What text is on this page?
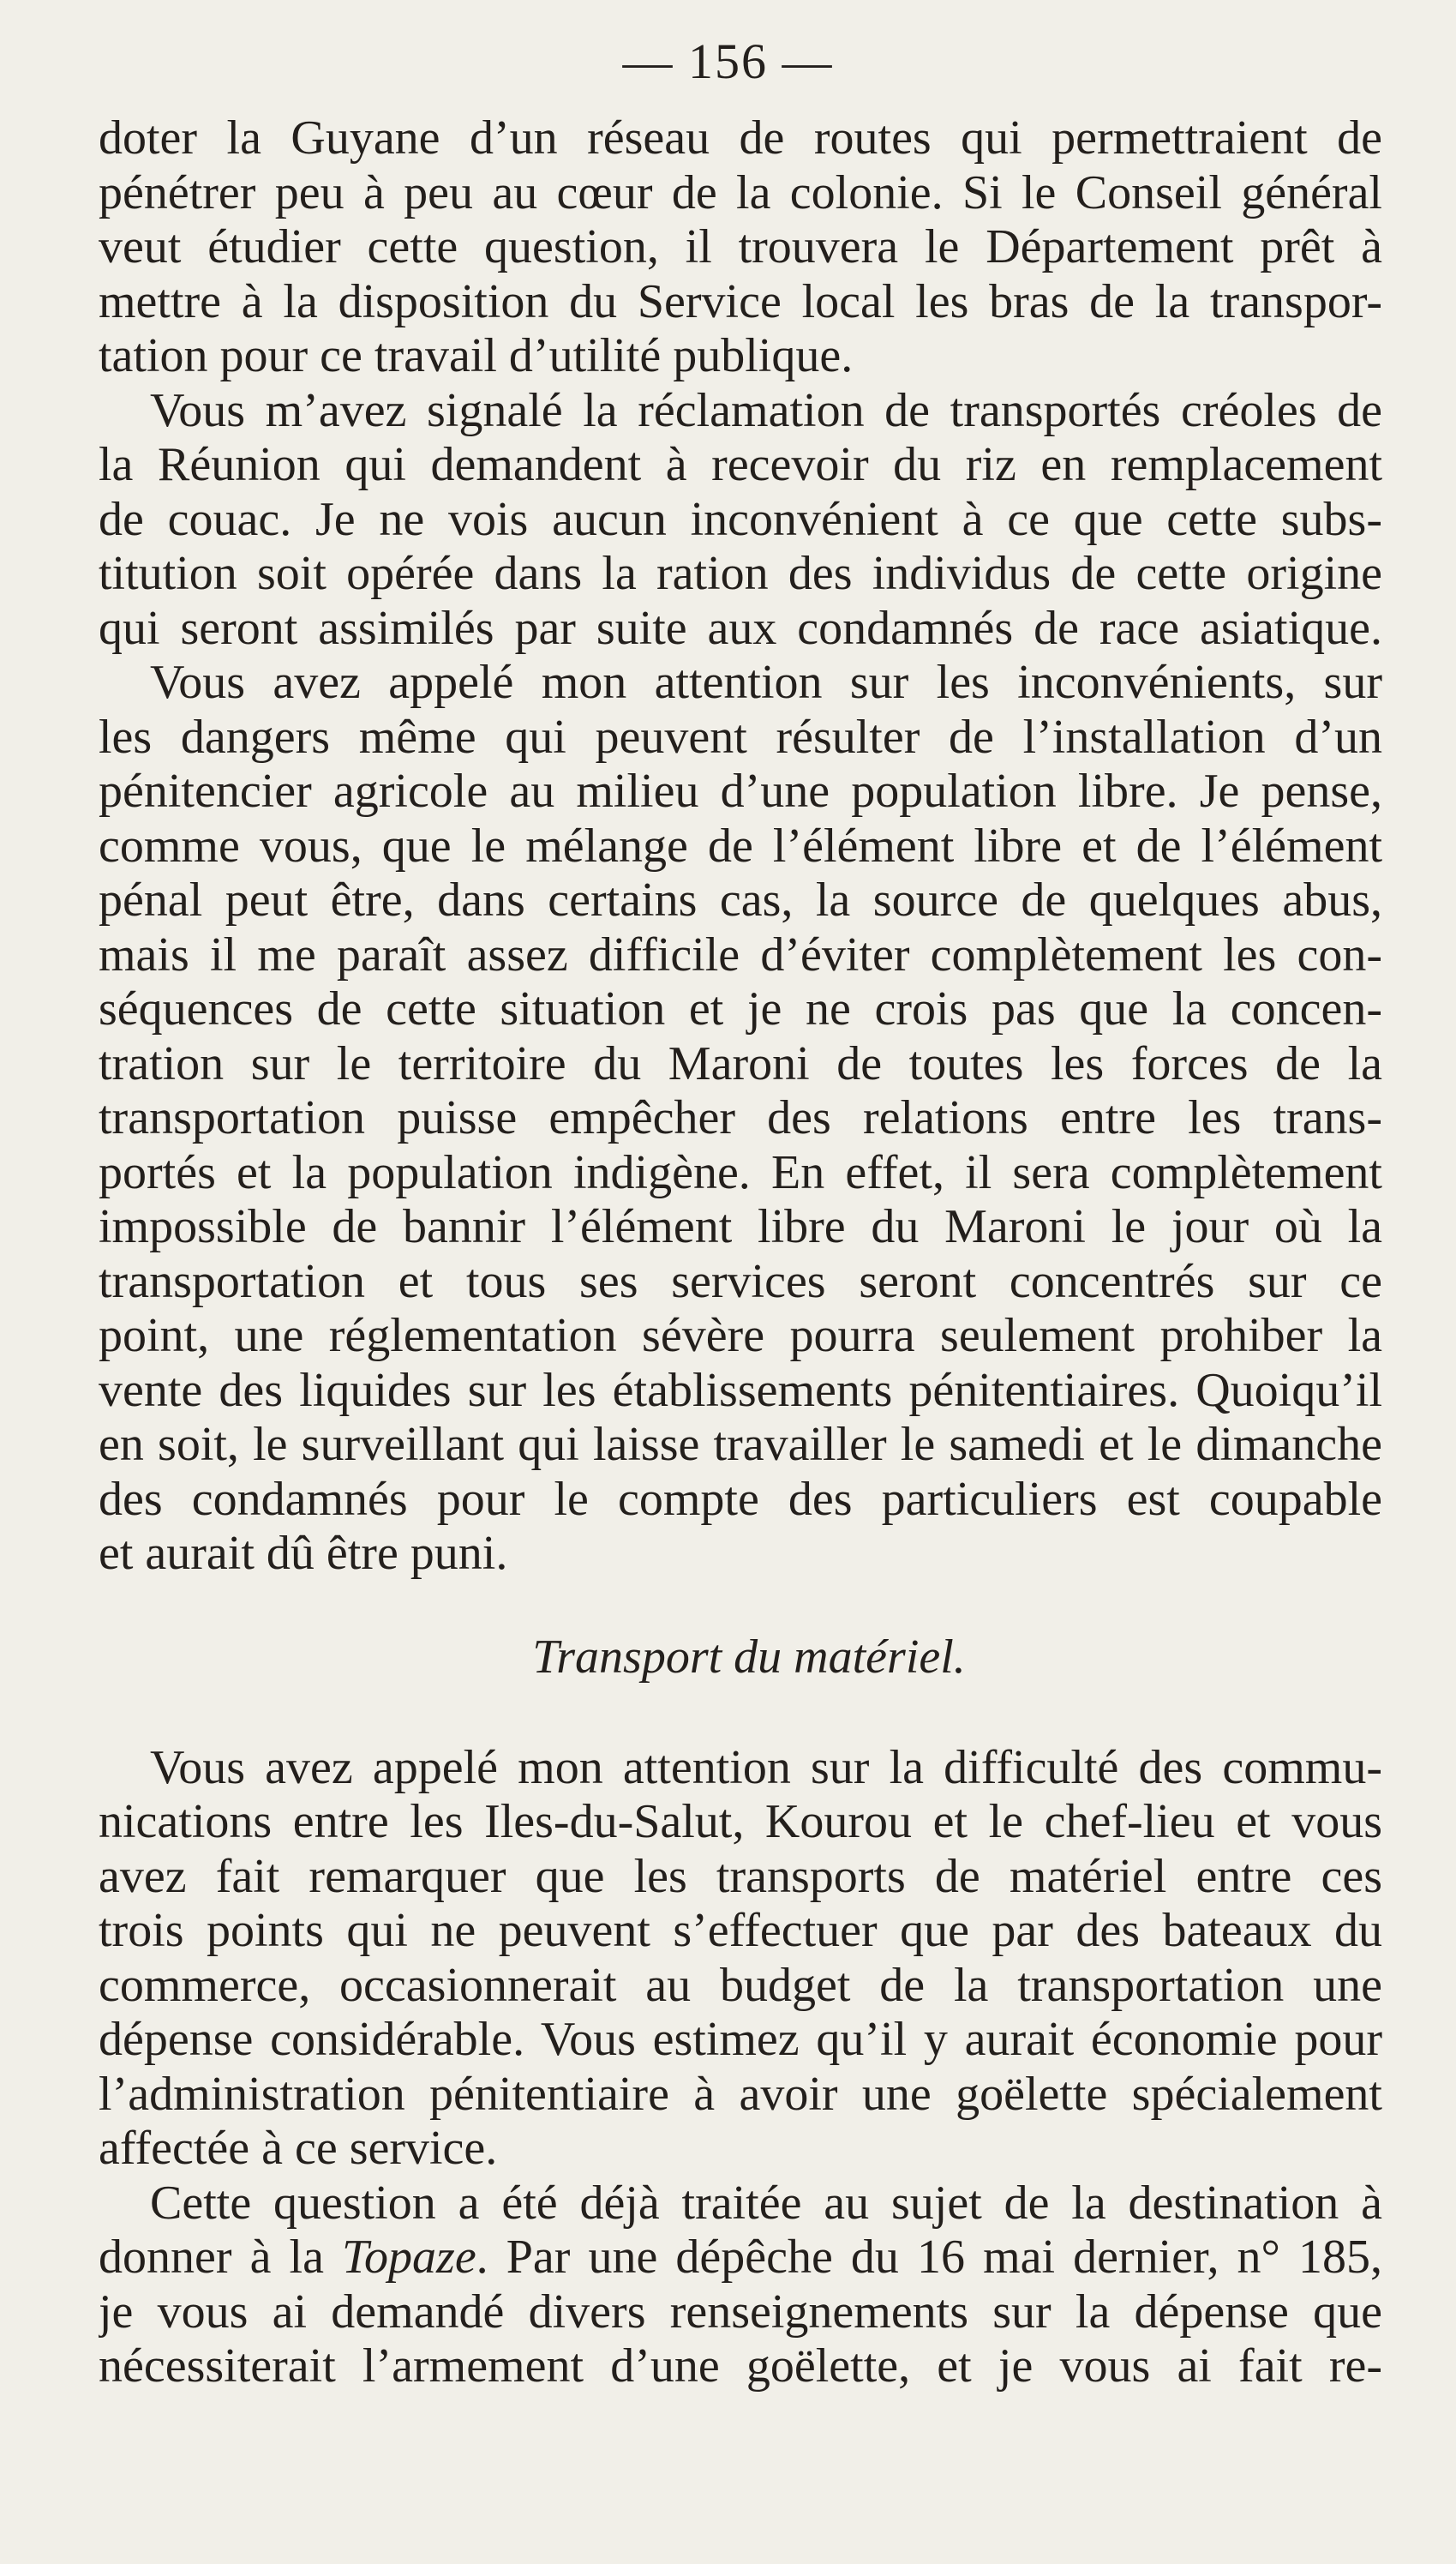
— 156 —
doter la Guyane d’un réseau de routes qui permettraient de
pénétrer peu à peu au cœur de la colonie. Si le Conseil général
veut étudier cette question, il trouvera le Département prêt à
mettre à la disposition du Service local les bras de la transpor-
tation pour ce travail d’utilité publique.
Vous m’avez signalé la réclamation de transportés créoles de
la Réunion qui demandent à recevoir du riz en remplacement
de couac. Je ne vois aucun inconvénient à ce que cette subs-
titution soit opérée dans la ration des individus de cette origine
qui seront assimilés par suite aux condamnés de race asiatique.
Vous avez appelé mon attention sur les inconvénients, sur
les dangers même qui peuvent résulter de l’installation d’un
pénitencier agricole au milieu d’une population libre. Je pense,
comme vous, que le mélange de l’élément libre et de l’élément
pénal peut être, dans certains cas, la source de quelques abus,
mais il me paraît assez difficile d’éviter complètement les con-
séquences de cette situation et je ne crois pas que la concen-
tration sur le territoire du Maroni de toutes les forces de la
transportation puisse empêcher des relations entre les trans-
portés et la population indigène. En effet, il sera complètement
impossible de bannir l’élément libre du Maroni le jour où la
transportation et tous ses services seront concentrés sur ce
point, une réglementation sévère pourra seulement prohiber la
vente des liquides sur les établissements pénitentiaires. Quoiqu’il
en soit, le surveillant qui laisse travailler le samedi et le dimanche
des condamnés pour le compte des particuliers est coupable
et aurait dû être puni.
Transport du matériel.
Vous avez appelé mon attention sur la difficulté des commu-
nications entre les Iles-du-Salut, Kourou et le chef-lieu et vous
avez fait remarquer que les transports de matériel entre ces
trois points qui ne peuvent s’effectuer que par des bateaux du
commerce, occasionnerait au budget de la transportation une
dépense considérable. Vous estimez qu’il y aurait économie pour
l’administration pénitentiaire à avoir une goëlette spécialement
affectée à ce service.
Cette question a été déjà traitée au sujet de la destination à
donner à la Topaze. Par une dépêche du 16 mai dernier, n° 185,
je vous ai demandé divers renseignements sur la dépense que
nécessiterait l’armement d’une goëlette, et je vous ai fait re-
